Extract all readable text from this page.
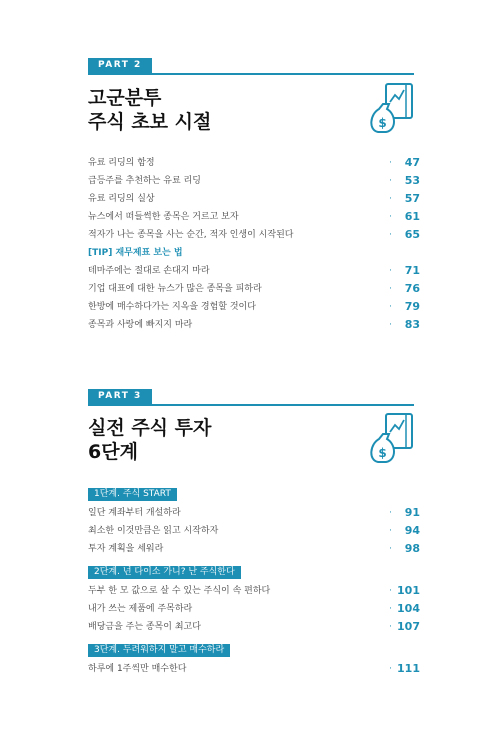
PART 2
고군분투
주식 초보 시절	$
유료 리딩의 함정	· 47
급등주를 추천하는 유료 리딩	· 53
유료 리딩의 실상	· 57
뉴스에서 떠들썩한 종목은 거르고 보자	· 61
적자가 나는 종목을 사는 순간, 적자 인생이 시작된다	· 65
[TIP] 재무제표 보는 법
테마주에는 절대로 손대지 마라	· 71
기업 대표에 대한 뉴스가 많은 종목을 피하라	· 76
한방에 매수하다가는 지옥을 경험할 것이다	· 79
종목과 사랑에 빠지지 마라	· 83
PART 3
실전 주식 투자
6단계	$
1단계. 주식 START
일단 계좌부터 개설하라	· 91
최소한 이것만큼은 읽고 시작하자	· 94
투자 계획을 세워라	· 98
2단계. 넌 다이소 가니? 난 주식한다
두부 한 모 값으로 살 수 있는 주식이 속 편하다	· 101
내가 쓰는 제품에 주목하라	· 104
배당금을 주는 종목이 최고다	· 107
3단계. 두려워하지 말고 매수하라
하루에 1주씩만 매수한다	· 111
